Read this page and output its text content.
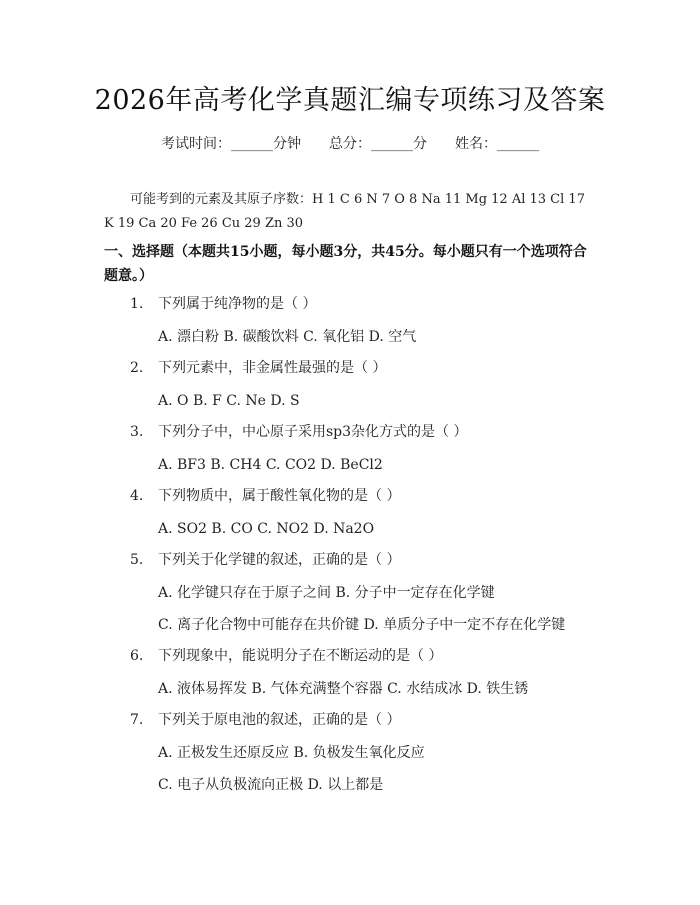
2026年高考化学真题汇编专项练习及答案
考试时间：______分钟 总分：______分 姓名：______
可能考到的元素及其原子序数：H 1 C 6 N 7 O 8 Na 11 Mg 12 Al 13 Cl 17 K 19 Ca 20 Fe 26 Cu 29 Zn 30
一、选择题（本题共15小题，每小题3分，共45分。每小题只有一个选项符合题意。）
1. 下列属于纯净物的是（ ）
A. 漂白粉 B. 碳酸饮料 C. 氧化铝 D. 空气
2. 下列元素中，非金属性最强的是（ ）
A. O B. F C. Ne D. S
3. 下列分子中，中心原子采用sp3杂化方式的是（ ）
A. BF3 B. CH4 C. CO2 D. BeCl2
4. 下列物质中，属于酸性氧化物的是（ ）
A. SO2 B. CO C. NO2 D. Na2O
5. 下列关于化学键的叙述，正确的是（ ）
A. 化学键只存在于原子之间 B. 分子中一定存在化学键
C. 离子化合物中可能存在共价键 D. 单质分子中一定不存在化学键
6. 下列现象中，能说明分子在不断运动的是（ ）
A. 液体易挥发 B. 气体充满整个容器 C. 水结成冰 D. 铁生锈
7. 下列关于原电池的叙述，正确的是（ ）
A. 正极发生还原反应 B. 负极发生氧化反应
C. 电子从负极流向正极 D. 以上都是
